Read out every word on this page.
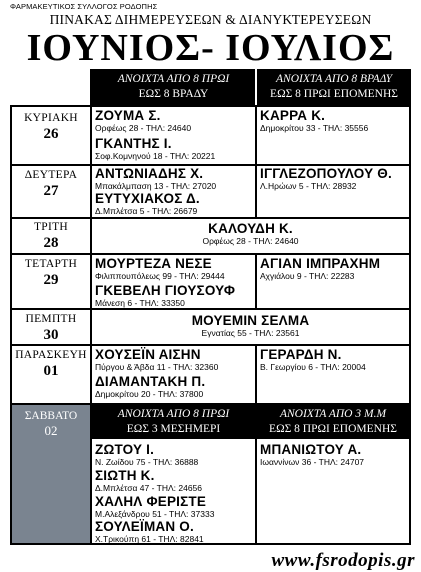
ΦΑΡΜΑΚΕΥΤΙΚΟΣ ΣΥΛΛΟΓΟΣ ΡΟΔΟΠΗΣ
ΠΙΝΑΚΑΣ ΔΙΗΜΕΡΕΥΣΕΩΝ & ΔΙΑΝΥΚΤΕΡΕΥΣΕΩΝ
ΙΟΥΝΙΟΣ- ΙΟΥΛΙΟΣ
ΑΝΟΙΧΤΑ ΑΠΟ 8 ΠΡΩΙ
ΕΩΣ 8 ΒΡΑΔΥ
ΑΝΟΙΧΤΑ ΑΠΟ 8 ΒΡΑΔΥ
ΕΩΣ 8 ΠΡΩΙ ΕΠΟΜΕΝΗΣ
ΚΥΡΙΑΚΗ
26
ΖΟΥΜΑ Σ.
Ορφέως 28 - ΤΗΛ: 24640
ΓΚΑΝΤΗΣ Ι.
Σοφ.Κομνηνού 18 - ΤΗΛ: 20221
ΚΑΡΡΑ Κ.
Δημοκρίτου 33 - ΤΗΛ: 35556
ΔΕΥΤΕΡΑ
27
ΑΝΤΩΝΙΑΔΗΣ Χ.
Μπακάλμπαση 13 - ΤΗΛ: 27020
ΕΥΤΥΧΙΑΚΟΣ Δ.
Δ.Μπλέτσα 5 - ΤΗΛ: 26679
ΙΓΓΛΕΖΟΠΟΥΛΟΥ Θ.
Λ.Ηρώων 5 - ΤΗΛ: 28932
ΤΡΙΤΗ
28
ΚΑΛΟΥΔΗ Κ.
Ορφέως 28 - ΤΗΛ: 24640
ΤΕΤΑΡΤΗ
29
ΜΟΥΡΤΕΖΑ ΝΕΣΕ
Φιλιππουπόλεως 99 - ΤΗΛ: 29444
ΓΚΕΒΕΛΗ ΓΙΟΥΣΟΥΦ
Μάνεση 6 - ΤΗΛ: 33350
ΑΓΙΑΝ ΙΜΠΡΑΧΗΜ
Αχγιάλου 9 - ΤΗΛ: 22283
ΠΕΜΠΤΗ
30
ΜΟΥΕΜΙΝ ΣΕΛΜΑ
Εγνατίας 55 - ΤΗΛ: 23561
ΠΑΡΑΣΚΕΥΗ
01
ΧΟΥΣΕΪΝ ΑΙΣΗΝ
Πύργου & Άβδα 11 - ΤΗΛ: 32360
ΔΙΑΜΑΝΤΑΚΗ Π.
Δημοκρίτου 20 - ΤΗΛ: 37800
ΓΕΡΑΡΔΗ Ν.
Β. Γεωργίου 6 - ΤΗΛ: 20004
ΣΑΒΒΑΤΟ
02
ΑΝΟΙΧΤΑ ΑΠΟ 8 ΠΡΩΙ
ΕΩΣ 3 ΜΕΣΗΜΕΡΙ
ΑΝΟΙΧΤΑ ΑΠΟ 3 Μ.Μ
ΕΩΣ 8 ΠΡΩΙ ΕΠΟΜΕΝΗΣ
ΖΩΤΟΥ Ι.
Ν. Ζωίδου 75 - ΤΗΛ: 36888
ΣΙΩΤΗ Κ.
Δ.Μπλέτσα 47 - ΤΗΛ: 24656
ΧΑΛΗΛ ΦΕΡΙΣΤΕ
Μ.Αλεξάνδρου 51 - ΤΗΛ: 37333
ΣΟΥΛΕΪΜΑΝ Ο.
Χ.Τρικούπη 61 - ΤΗΛ: 82841
ΜΠΑΝΙΩΤΟΥ Α.
Ιωαννίνων 36 - ΤΗΛ: 24707
www.fsrodopis.gr
